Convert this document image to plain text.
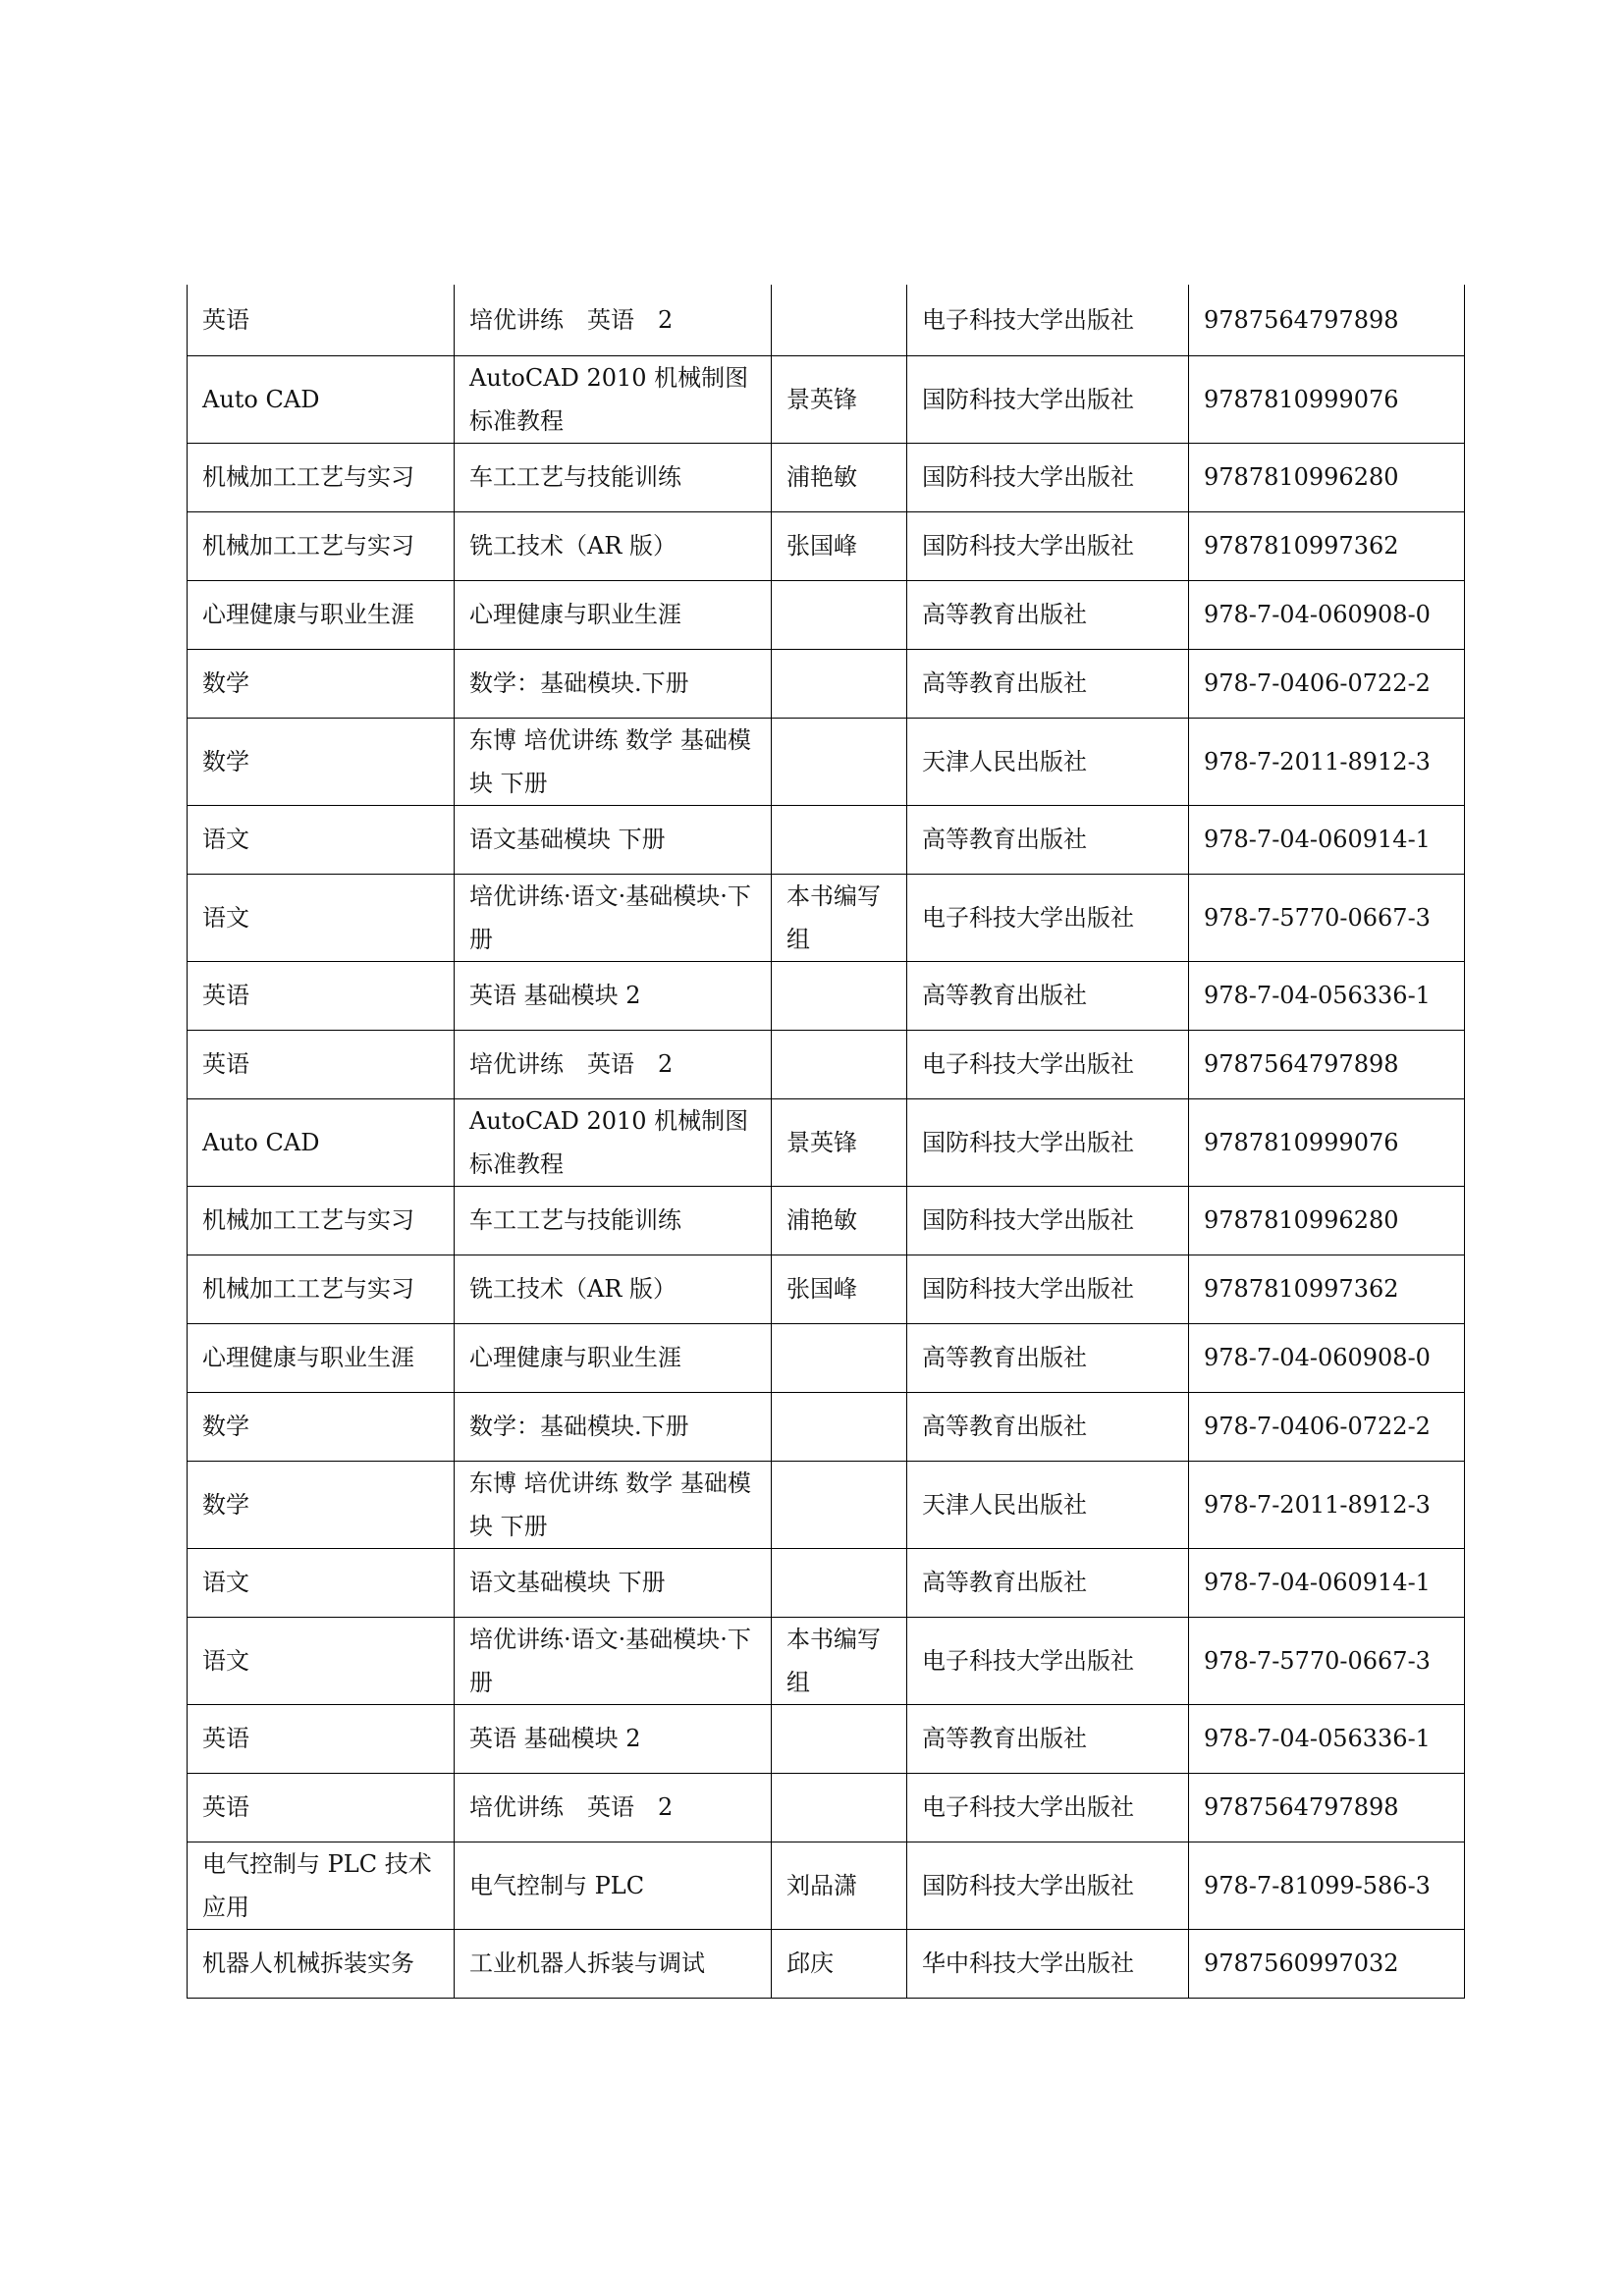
英语	培优讲练　英语　2		电子科技大学出版社	9787564797898
Auto CAD	AutoCAD 2010 机械制图标准教程	景英锋	国防科技大学出版社	9787810999076
机械加工工艺与实习	车工工艺与技能训练	浦艳敏	国防科技大学出版社	9787810996280
机械加工工艺与实习	铣工技术（AR 版）	张国峰	国防科技大学出版社	9787810997362
心理健康与职业生涯	心理健康与职业生涯		高等教育出版社	978-7-04-060908-0
数学	数学：基础模块.下册		高等教育出版社	978-7-0406-0722-2
数学	东博 培优讲练 数学 基础模块 下册		天津人民出版社	978-7-2011-8912-3
语文	语文基础模块 下册		高等教育出版社	978-7-04-060914-1
语文	培优讲练·语文·基础模块·下册	本书编写组	电子科技大学出版社	978-7-5770-0667-3
英语	英语 基础模块 2		高等教育出版社	978-7-04-056336-1
英语	培优讲练　英语　2		电子科技大学出版社	9787564797898
Auto CAD	AutoCAD 2010 机械制图标准教程	景英锋	国防科技大学出版社	9787810999076
机械加工工艺与实习	车工工艺与技能训练	浦艳敏	国防科技大学出版社	9787810996280
机械加工工艺与实习	铣工技术（AR 版）	张国峰	国防科技大学出版社	9787810997362
心理健康与职业生涯	心理健康与职业生涯		高等教育出版社	978-7-04-060908-0
数学	数学：基础模块.下册		高等教育出版社	978-7-0406-0722-2
数学	东博 培优讲练 数学 基础模块 下册		天津人民出版社	978-7-2011-8912-3
语文	语文基础模块 下册		高等教育出版社	978-7-04-060914-1
语文	培优讲练·语文·基础模块·下册	本书编写组	电子科技大学出版社	978-7-5770-0667-3
英语	英语 基础模块 2		高等教育出版社	978-7-04-056336-1
英语	培优讲练　英语　2		电子科技大学出版社	9787564797898
电气控制与 PLC 技术应用	电气控制与 PLC	刘品潇	国防科技大学出版社	978-7-81099-586-3
机器人机械拆装实务	工业机器人拆装与调试	邱庆	华中科技大学出版社	9787560997032
